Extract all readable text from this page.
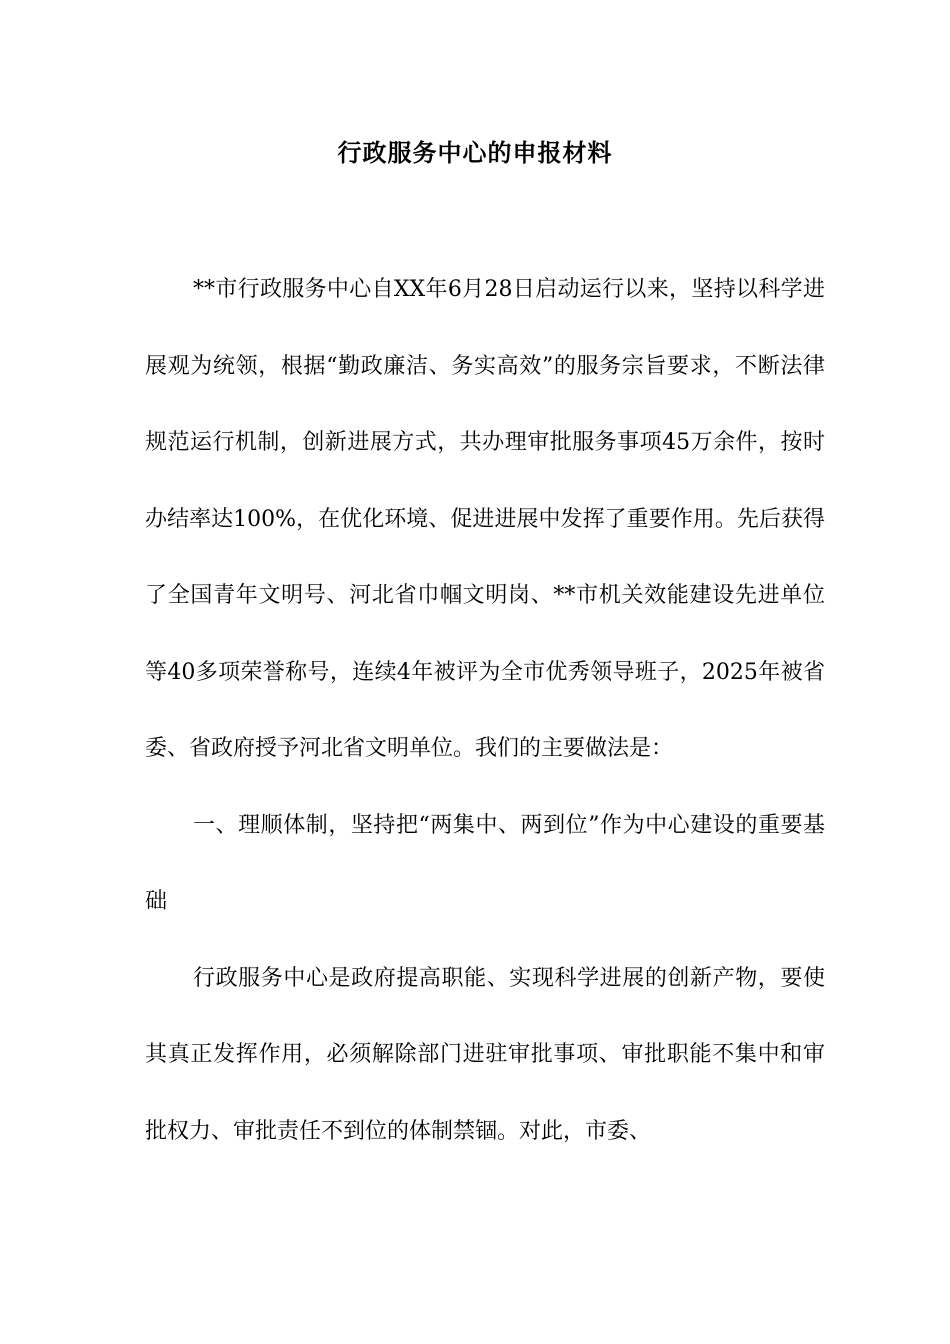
行政服务中心的申报材料

**市行政服务中心自XX年6月28日启动运行以来，坚持以科学进展观为统领，根据“勤政廉洁、务实高效”的服务宗旨要求，不断法律规范运行机制，创新进展方式，共办理审批服务事项45万余件，按时办结率达100%，在优化环境、促进进展中发挥了重要作用。先后获得了全国青年文明号、河北省巾帼文明岗、**市机关效能建设先进单位等40多项荣誉称号，连续4年被评为全市优秀领导班子，2025年被省委、省政府授予河北省文明单位。我们的主要做法是：

一、理顺体制，坚持把“两集中、两到位”作为中心建设的重要基础

行政服务中心是政府提高职能、实现科学进展的创新产物，要使其真正发挥作用，必须解除部门进驻审批事项、审批职能不集中和审批权力、审批责任不到位的体制禁锢。对此，市委、
